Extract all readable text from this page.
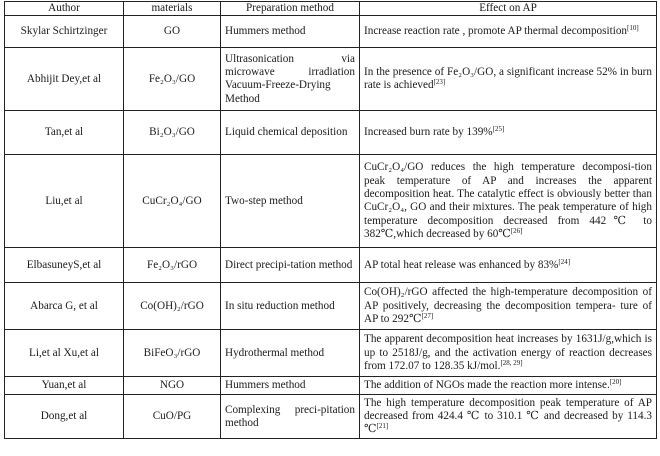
Author	materials	Preparation method	Effect on AP
Skylar Schirtzinger	GO	Hummers method	Increase reaction rate , promote AP thermal decomposition[10]
Abhijit Dey,et al	Fe₂O₃/GO	Ultrasonication via microwave irradiation Vacuum-Freeze-Drying Method	In the presence of Fe₂O₃/GO, a significant increase 52% in burn rate is achieved[23]
Tan,et al	Bi₂O₃/GO	Liquid chemical deposition	Increased burn rate by 139%[25]
Liu,et al	CuCr₂O₄/GO	Two-step method	CuCr₂O₄/GO reduces the high temperature decomposi-tion peak temperature of AP and increases the apparent decomposition heat. The catalytic effect is obviously better than CuCr₂O₄, GO and their mixtures. The peak temperature of high temperature decomposition decreased from 442℃ to 382℃,which decreased by 60℃[26]
ElbasuneyS,et al	Fe₂O₃/rGO	Direct precipi-tation method	AP total heat release was enhanced by 83%[24]
Abarca G, et al	Co(OH)₂/rGO	In situ reduction method	Co(OH)₂/rGO affected the high-temperature decomposition of AP positively, decreasing the decomposition tempera- ture of AP to 292℃[27]
Li,et al Xu,et al	BiFeO₃/rGO	Hydrothermal method	The apparent decomposition heat increases by 1631J/g,which is up to 2518J/g, and the activation energy of reaction decreases from 172.07 to 128.35 kJ/mol.[28, 29]
Yuan,et al	NGO	Hummers method	The addition of NGOs made the reaction more intense.[20]
Dong,et al	CuO/PG	Complexing preci-pitation method	The high temperature decomposition peak temperature of AP decreased from 424.4 ℃ to 310.1 ℃ and decreased by 114.3 ℃[21]
